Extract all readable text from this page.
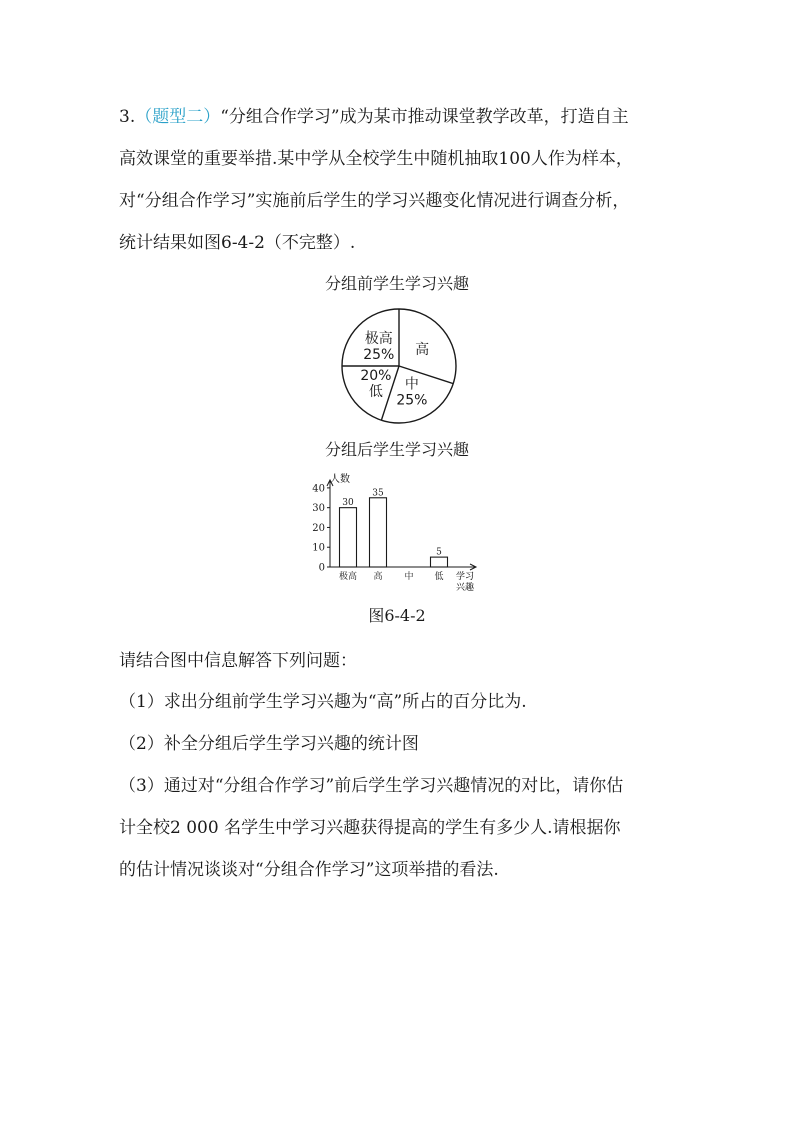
3.（题型二）“分组合作学习”成为某市推动课堂教学改革，打造自主

高效课堂的重要举措.某中学从全校学生中随机抽取100人作为样本，

对“分组合作学习”实施前后学生的学习兴趣变化情况进行调查分析，

统计结果如图6-4-2（不完整）.

分组前学生学习兴趣

高
中
25%
20%
低
极高
25%

分组后学生学习兴趣

0
10
20
30
40
极高
30
高
35
中 低
5
人数
学习
兴趣

图6-4-2

请结合图中信息解答下列问题：

（1）求出分组前学生学习兴趣为“高”所占的百分比为.

（2）补全分组后学生学习兴趣的统计图

（3）通过对“分组合作学习”前后学生学习兴趣情况的对比，请你估

计全校2 000 名学生中学习兴趣获得提高的学生有多少人.请根据你

的估计情况谈谈对“分组合作学习”这项举措的看法.
